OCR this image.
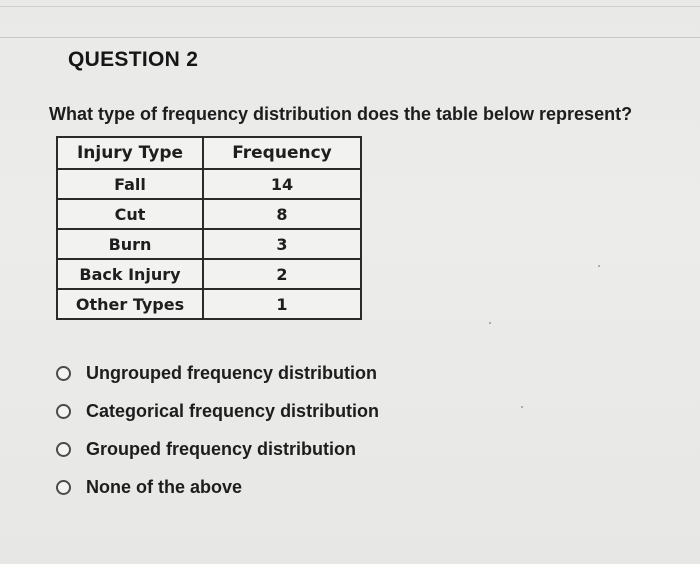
QUESTION 2
What type of frequency distribution does the table below represent?
Injury Type	Frequency
Fall	14
Cut	8
Burn	3
Back Injury	2
Other Types	1
Ungrouped frequency distribution
Categorical frequency distribution
Grouped frequency distribution
None of the above
